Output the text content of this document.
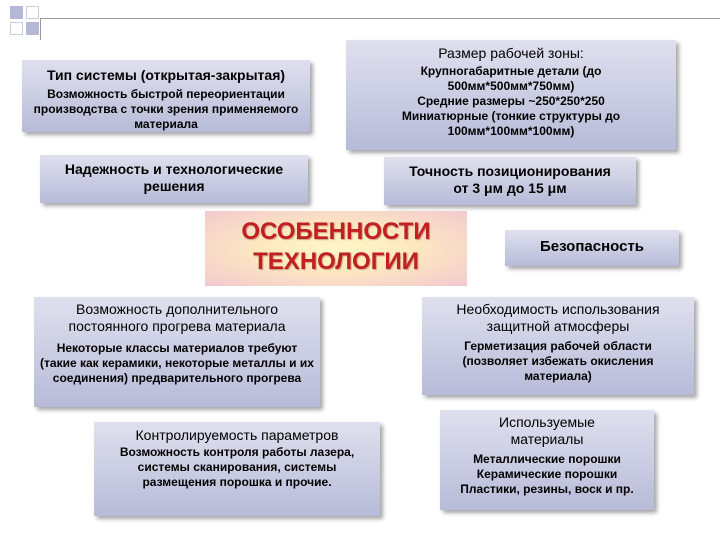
Тип системы (открытая-закрытая)
Возможность быстрой переориентации производства с точки зрения применяемого материала
Размер рабочей зоны:
Крупногабаритные детали (до 500мм*500мм*750мм)
Средние размеры ~250*250*250
Миниатюрные (тонкие структуры до 100мм*100мм*100мм)
Надежность и технологические решения
Точность позиционирования от 3 μм до 15 μм
ОСОБЕННОСТИ
ТЕХНОЛОГИИ
Безопасность
Возможность дополнительного постоянного прогрева материала
Некоторые классы материалов требуют (такие как керамики, некоторые металлы и их соединения) предварительного прогрева
Необходимость использования защитной атмосферы
Герметизация рабочей области (позволяет избежать окисления материала)
Контролируемость параметров
Возможность контроля работы лазера, системы сканирования, системы размещения порошка и прочие.
Используемые материалы
Металлические порошки
Керамические порошки
Пластики, резины, воск и пр.
